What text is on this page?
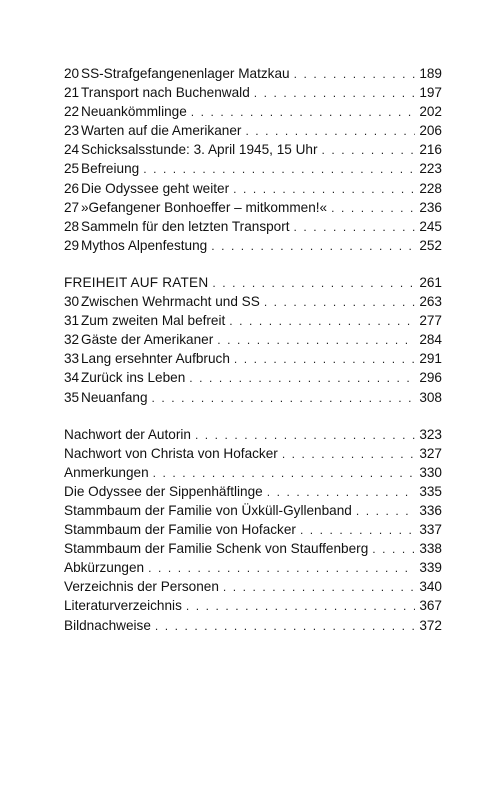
20 SS-Strafgefangenenlager Matzkau . . .	189
21 Transport nach Buchenwald . . .	197
22 Neuankömmlinge . . .	202
23 Warten auf die Amerikaner . . .	206
24 Schicksalsstunde: 3. April 1945, 15 Uhr . . .	216
25 Befreiung . . .	223
26 Die Odyssee geht weiter . . .	228
27 »Gefangener Bonhoeffer – mitkommen!« . . .	236
28 Sammeln für den letzten Transport . . .	245
29 Mythos Alpenfestung . . .	252
FREIHEIT AUF RATEN . . .	261
30 Zwischen Wehrmacht und SS . . .	263
31 Zum zweiten Mal befreit . . .	277
32 Gäste der Amerikaner . . .	284
33 Lang ersehnter Aufbruch . . .	291
34 Zurück ins Leben . . .	296
35 Neuanfang . . .	308
Nachwort der Autorin . . .	323
Nachwort von Christa von Hofacker . . .	327
Anmerkungen . . .	330
Die Odyssee der Sippenhäftlinge . . .	335
Stammbaum der Familie von Üxküll-Gyllenband . . .	336
Stammbaum der Familie von Hofacker . . .	337
Stammbaum der Familie Schenk von Stauffenberg . . .	338
Abkürzungen . . .	339
Verzeichnis der Personen . . .	340
Literaturverzeichnis . . .	367
Bildnachweise . . .	372
